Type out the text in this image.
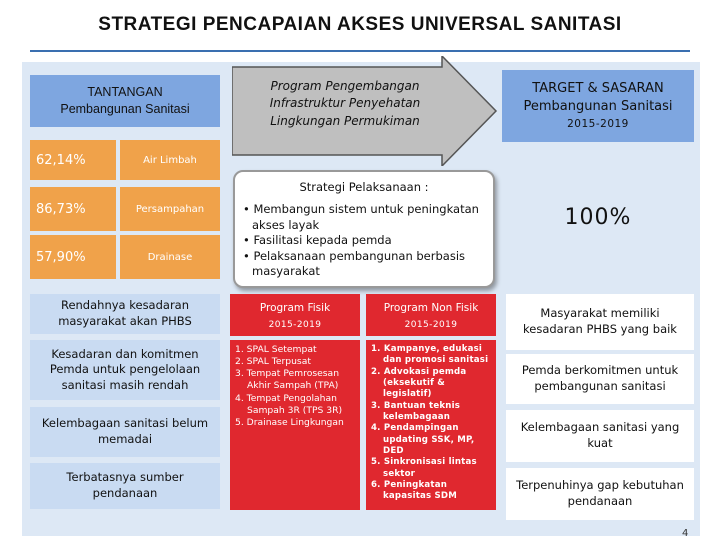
STRATEGI PENCAPAIAN AKSES UNIVERSAL SANITASI
TANTANGAN
Pembangunan Sanitasi
Program Pengembangan
Infrastruktur Penyehatan
Lingkungan Permukiman
TARGET & SASARAN
Pembangunan Sanitasi
2015-2019
62,14%	Air Limbah
86,73%	Persampahan
57,90%	Drainase
Strategi Pelaksanaan :
• Membangun sistem untuk peningkatan akses layak
• Fasilitasi kepada pemda
• Pelaksanaan pembangunan berbasis masyarakat
100%
Rendahnya kesadaran masyarakat akan PHBS
Kesadaran dan komitmen Pemda untuk pengelolaan sanitasi masih rendah
Kelembagaan sanitasi belum memadai
Terbatasnya sumber pendanaan
Program Fisik
2015-2019
1. SPAL Setempat
2. SPAL Terpusat
3. Tempat Pemrosesan Akhir Sampah (TPA)
4. Tempat Pengolahan Sampah 3R (TPS 3R)
5. Drainase Lingkungan
Program Non Fisik
2015-2019
1. Kampanye, edukasi dan promosi sanitasi
2. Advokasi pemda (eksekutif & legislatif)
3. Bantuan teknis kelembagaan
4. Pendampingan updating SSK, MP, DED
5. Sinkronisasi lintas sektor
6. Peningkatan kapasitas SDM
Masyarakat memiliki kesadaran PHBS yang baik
Pemda berkomitmen untuk pembangunan sanitasi
Kelembagaan sanitasi yang kuat
Terpenuhinya gap kebutuhan pendanaan
4
